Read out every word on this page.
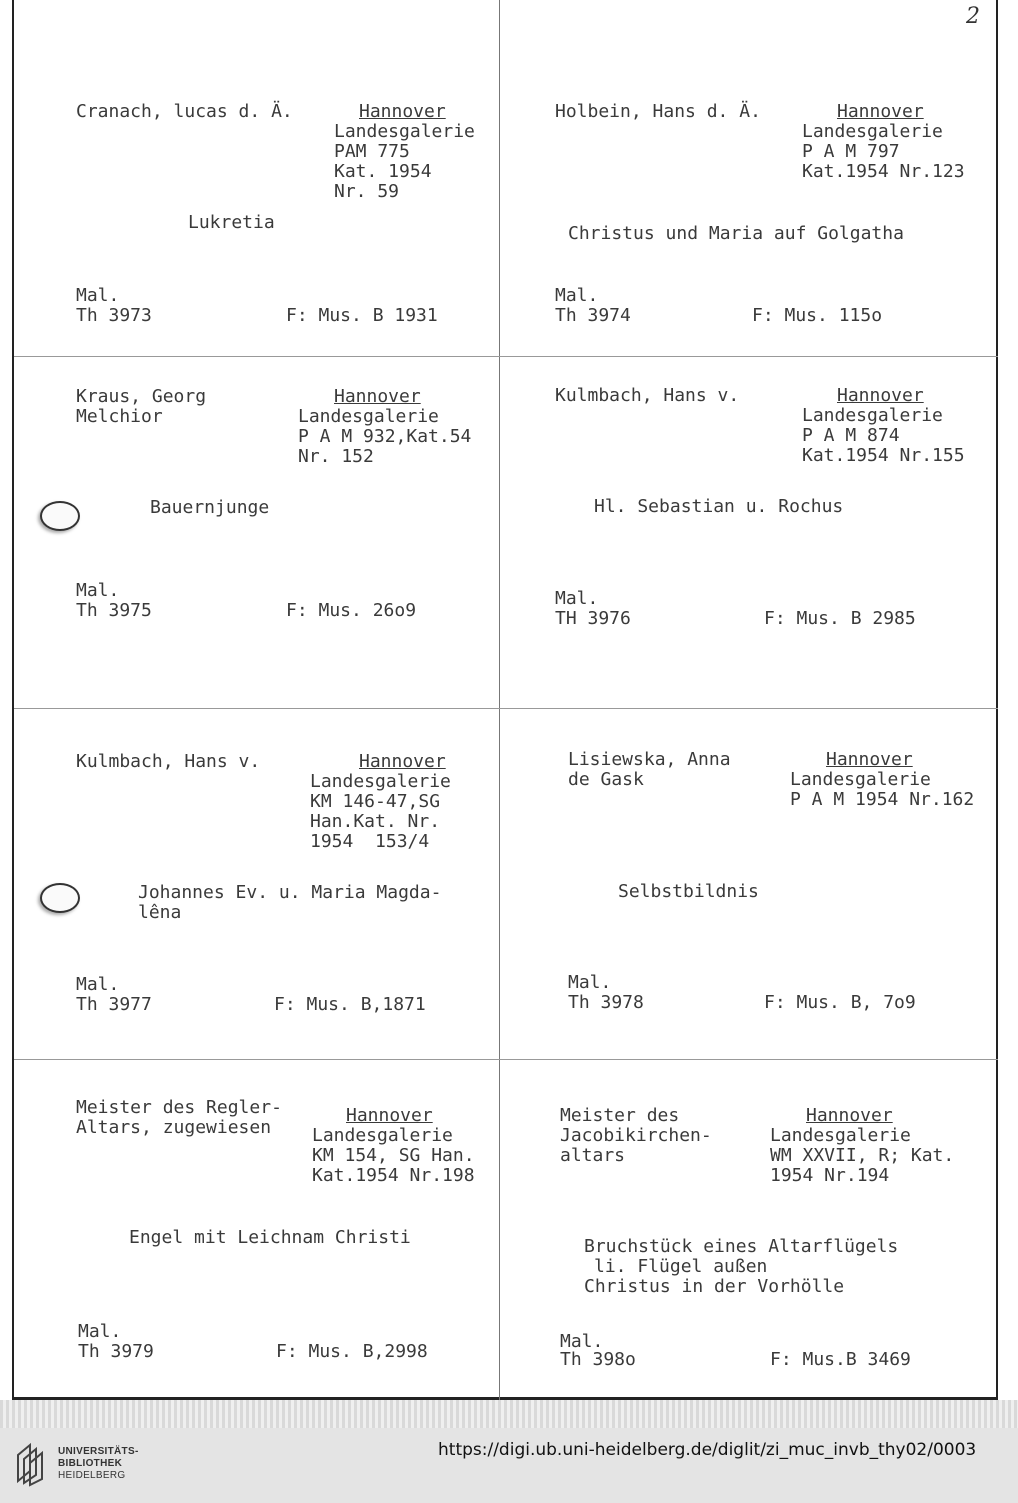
2
Cranach, lucas d. Ä.	Hannover
Landesgalerie
PAM 775
Kat. 1954
Nr. 59
Lukretia
Mal.
Th 3973	F: Mus. B 1931
Holbein, Hans d. Ä.	Hannover
Landesgalerie
P A M 797
Kat.1954 Nr.123
Christus und Maria auf Golgatha
Mal.
Th 3974	F: Mus. 115o
Kraus, Georg
Melchior
Hannover
Landesgalerie
P A M 932,Kat.54
Nr. 152
Bauernjunge
Mal.
Th 3975	F: Mus. 26o9
Kulmbach, Hans v.	Hannover
Landesgalerie
P A M 874
Kat.1954 Nr.155
Hl. Sebastian u. Rochus
Mal.
TH 3976	F: Mus. B 2985
Kulmbach, Hans v.	Hannover
Landesgalerie
KM 146-47,SG
Han.Kat. Nr.
1954  153/4
Johannes Ev. u. Maria Magda-
lêna
Mal.
Th 3977	F: Mus. B,1871
Lisiewska, Anna
de Gask
Hannover
Landesgalerie
P A M 1954 Nr.162
Selbstbildnis
Mal.
Th 3978	F: Mus. B, 7o9
Meister des Regler-
Altars, zugewiesen
Hannover
Landesgalerie
KM 154, SG Han.
Kat.1954 Nr.198
Engel mit Leichnam Christi
Mal.
Th 3979	F: Mus. B,2998
Meister des
Jacobikirchen-
altars
Hannover
Landesgalerie
WM XXVII, R; Kat.
1954 Nr.194
Bruchstück eines Altarflügels
li. Flügel außen
Christus in der Vorhölle
Mal.
Th 398o	F: Mus.B 3469
UNIVERSITÄTS-
BIBLIOTHEK
HEIDELBERG
https://digi.ub.uni-heidelberg.de/diglit/zi_muc_invb_thy02/0003
